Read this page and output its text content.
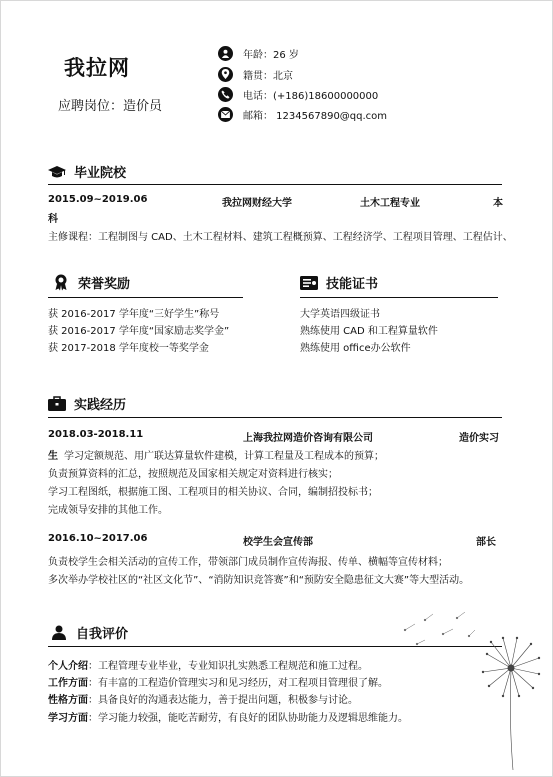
我拉网
应聘岗位：造价员
年龄：26 岁
籍贯：北京
电话：(+186)18600000000
邮箱： 1234567890@qq.com
毕业院校
2015.09~2019.06	我拉网财经大学	土木工程专业	本
科
主修课程：工程制图与 CAD、土木工程材料、建筑工程概预算、工程经济学、工程项目管理、工程估计、
荣誉奖励
获 2016-2017 学年度“三好学生”称号
获 2016-2017 学年度“国家励志奖学金”
获 2017-2018 学年度校一等奖学金
技能证书
大学英语四级证书
熟练使用 CAD 和工程算量软件
熟练使用 office办公软件
实践经历
2018.03-2018.11	上海我拉网造价咨询有限公司	造价实习
生 学习定额规范、用广联达算量软件建模，计算工程量及工程成本的预算；
负责预算资料的汇总，按照规范及国家相关规定对资料进行核实；
学习工程图纸，根据施工图、工程项目的相关协议、合同，编制招投标书；
完成领导安排的其他工作。
2016.10~2017.06	校学生会宣传部	部长
负责校学生会相关活动的宣传工作，带领部门成员制作宣传海报、传单、横幅等宣传材料；
多次举办学校社区的“社区文化节”、“消防知识竞答赛”和“预防安全隐患征文大赛”等大型活动。
自我评价
个人介绍：工程管理专业毕业，专业知识扎实熟悉工程规范和施工过程。
工作方面：有丰富的工程造价管理实习和见习经历，对工程项目管理很了解。
性格方面：具备良好的沟通表达能力，善于提出问题，积极参与讨论。
学习方面：学习能力较强，能吃苦耐劳，有良好的团队协助能力及逻辑思维能力。
